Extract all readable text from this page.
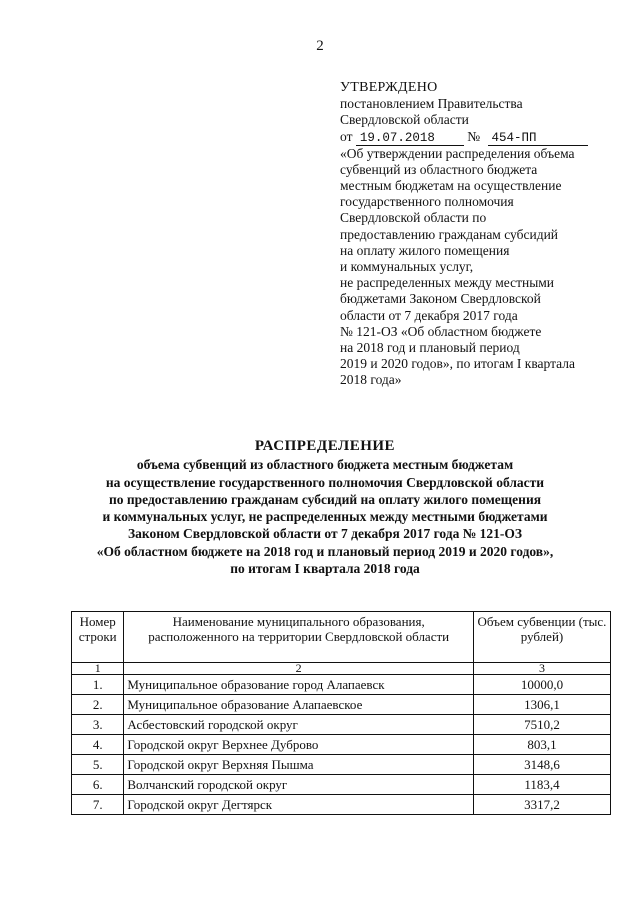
2
УТВЕРЖДЕНО
постановлением Правительства
Свердловской области
от 19.07.2018 № 454-ПП
«Об утверждении распределения объема
субвенций из областного бюджета
местным бюджетам на осуществление
государственного полномочия
Свердловской области по
предоставлению гражданам субсидий
на оплату жилого помещения
и коммунальных услуг,
не распределенных между местными
бюджетами Законом Свердловской
области от 7 декабря 2017 года
№ 121-ОЗ «Об областном бюджете
на 2018 год и плановый период
2019 и 2020 годов», по итогам I квартала
2018 года»
РАСПРЕДЕЛЕНИЕ
объема субвенций из областного бюджета местным бюджетам
на осуществление государственного полномочия Свердловской области
по предоставлению гражданам субсидий на оплату жилого помещения
и коммунальных услуг, не распределенных между местными бюджетами
Законом Свердловской области от 7 декабря 2017 года № 121-ОЗ
«Об областном бюджете на 2018 год и плановый период 2019 и 2020 годов»,
по итогам I квартала 2018 года
Номер строки	Наименование муниципального образования, расположенного на территории Свердловской области	Объем субвенции (тыс. рублей)
1	2	3
1.	Муниципальное образование город Алапаевск	10000,0
2.	Муниципальное образование Алапаевское	1306,1
3.	Асбестовский городской округ	7510,2
4.	Городской округ Верхнее Дуброво	803,1
5.	Городской округ Верхняя Пышма	3148,6
6.	Волчанский городской округ	1183,4
7.	Городской округ Дегтярск	3317,2
